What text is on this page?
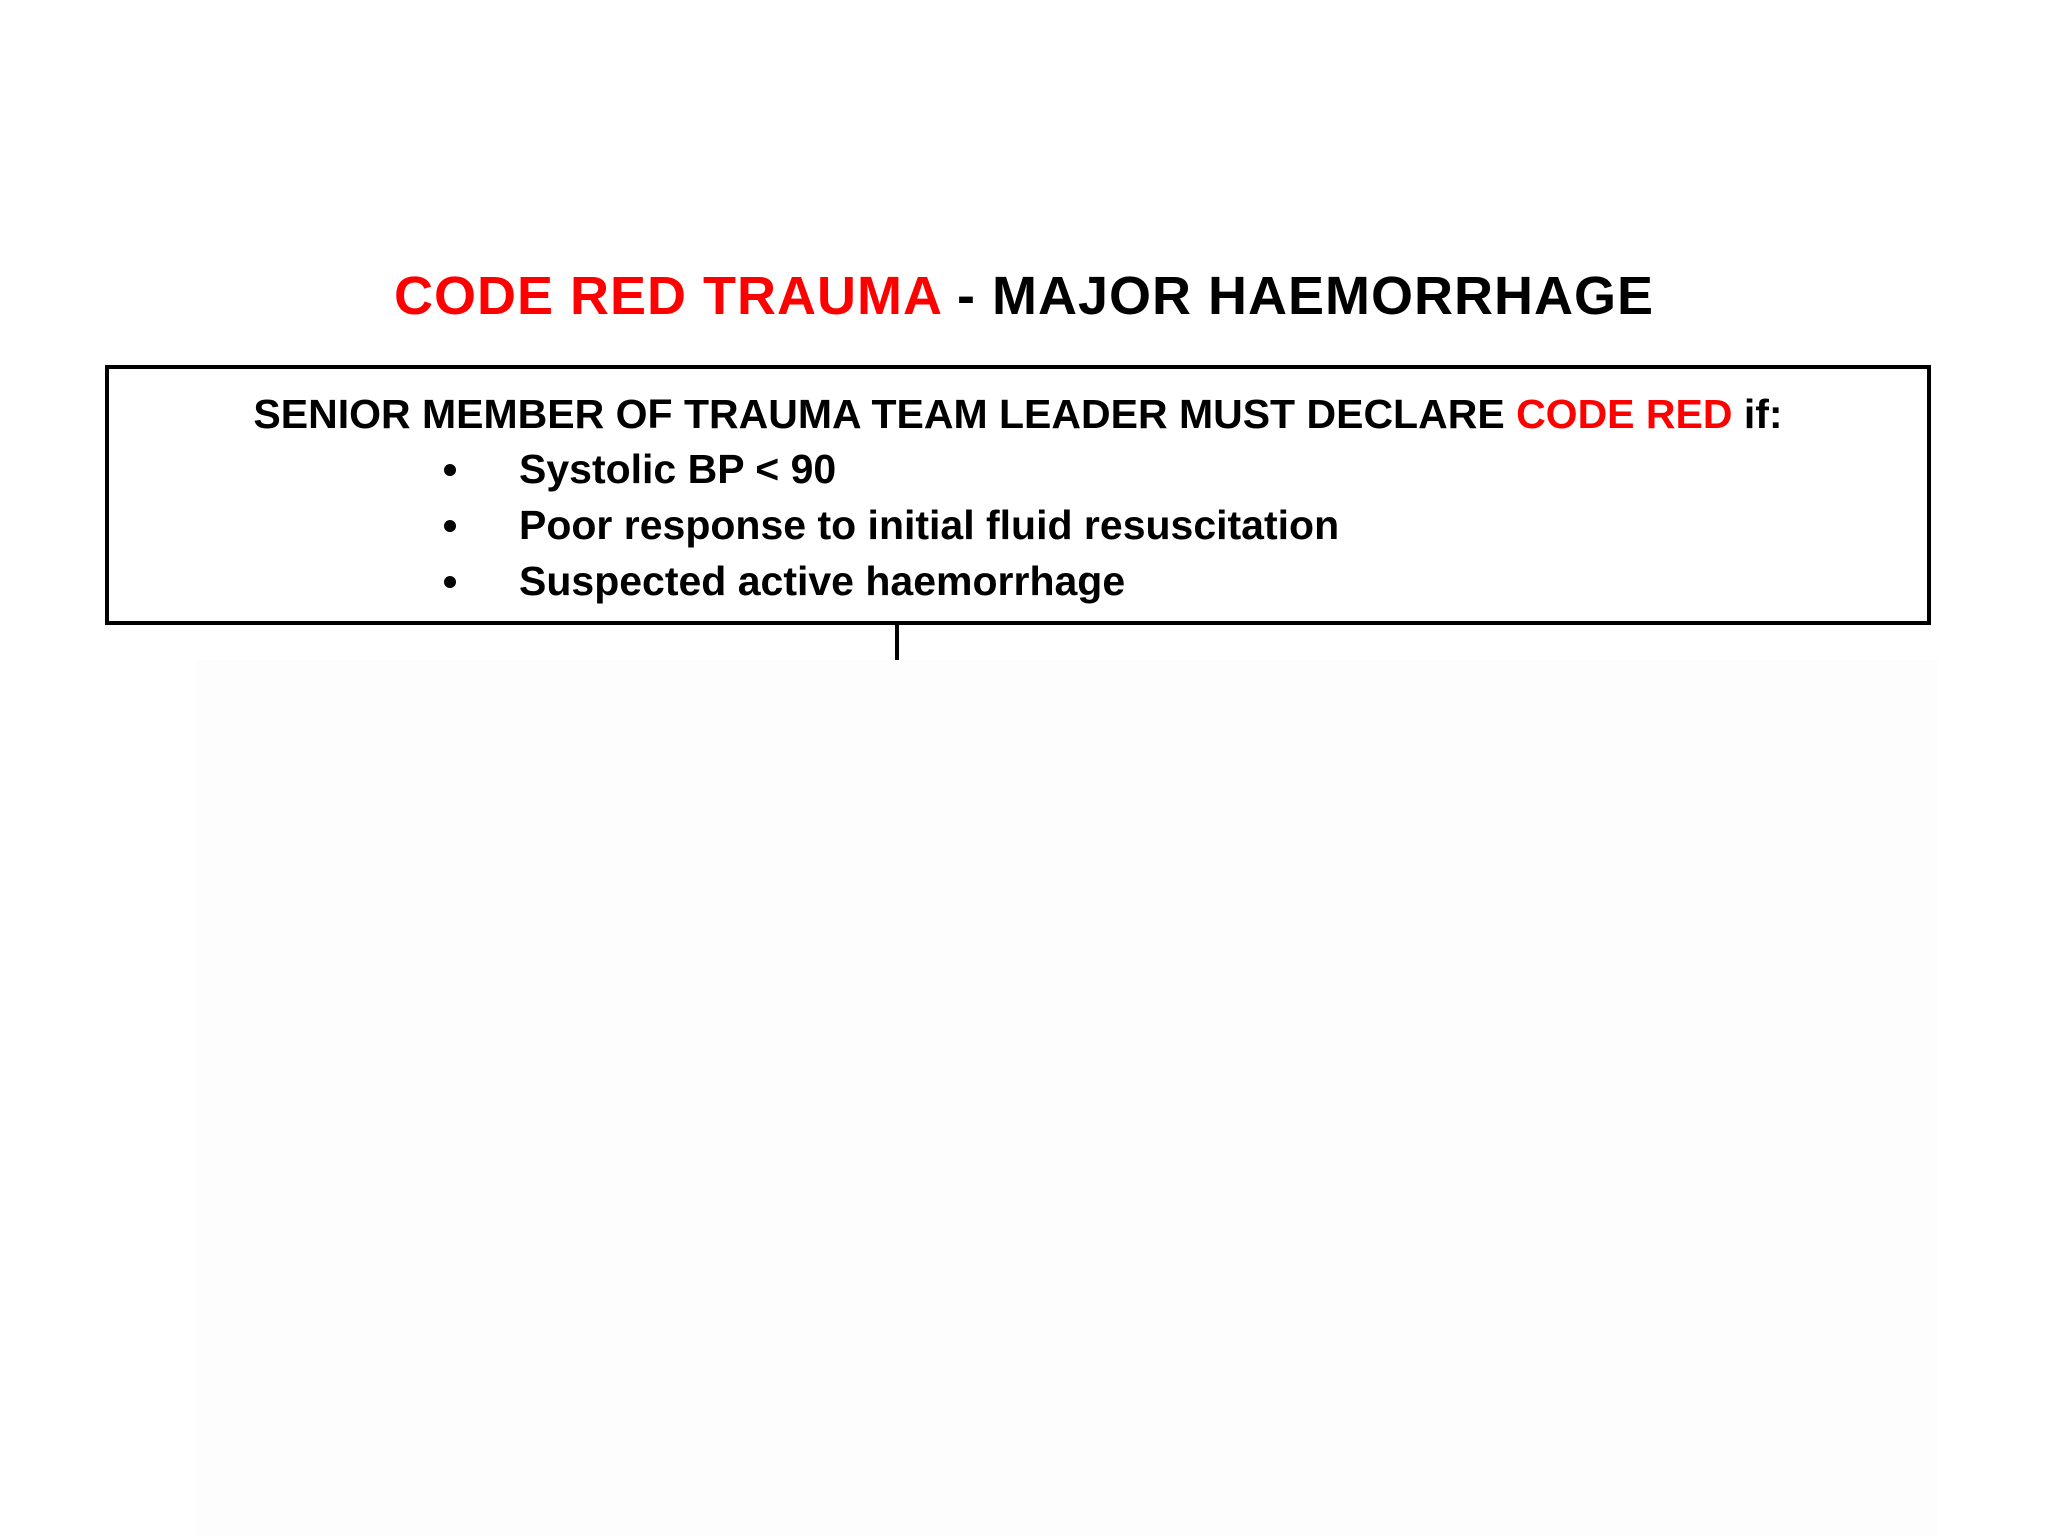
CODE RED TRAUMA - MAJOR HAEMORRHAGE
SENIOR MEMBER OF TRAUMA TEAM LEADER MUST DECLARE CODE RED if:
Systolic BP < 90
Poor response to initial fluid resuscitation
Suspected active haemorrhage
